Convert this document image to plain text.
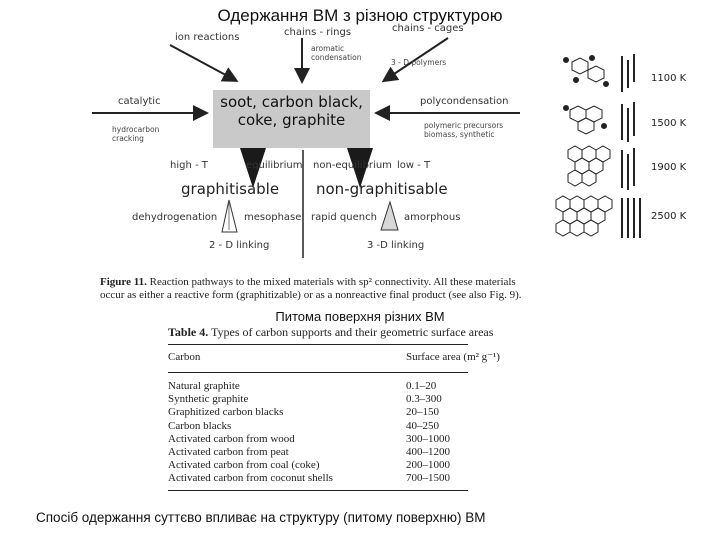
Одержання ВМ з різною структурою
ion reactions	chains - rings	chains - cages
aromatic condensation
3 - D polymers
catalytic
hydrocarbon cracking
polycondensation
polymeric precursors biomass, synthetic
soot, carbon black, coke, graphite
high - T	equilibrium non-equilibrium low - T
graphitisable non-graphitisable
dehydrogenation	mesophase rapid quench	amorphous
2 - D linking	3 -D linking
1100 K
1500 K
1900 K
2500 K
Figure 11. Reaction pathways to the mixed materials with sp² connectivity. All these materials
occur as either a reactive form (graphitizable) or as a nonreactive final product (see also Fig. 9).
Питома поверхня різних ВМ
Table 4. Types of carbon supports and their geometric surface areas
Carbon	Surface area (m² g⁻¹)
Natural graphite	0.1–20
Synthetic graphite	0.3–300
Graphitized carbon blacks	20–150
Carbon blacks	40–250
Activated carbon from wood	300–1000
Activated carbon from peat	400–1200
Activated carbon from coal (coke)	200–1000
Activated carbon from coconut shells	700–1500
Спосіб одержання суттєво впливає на структуру (питому поверхню) ВМ
